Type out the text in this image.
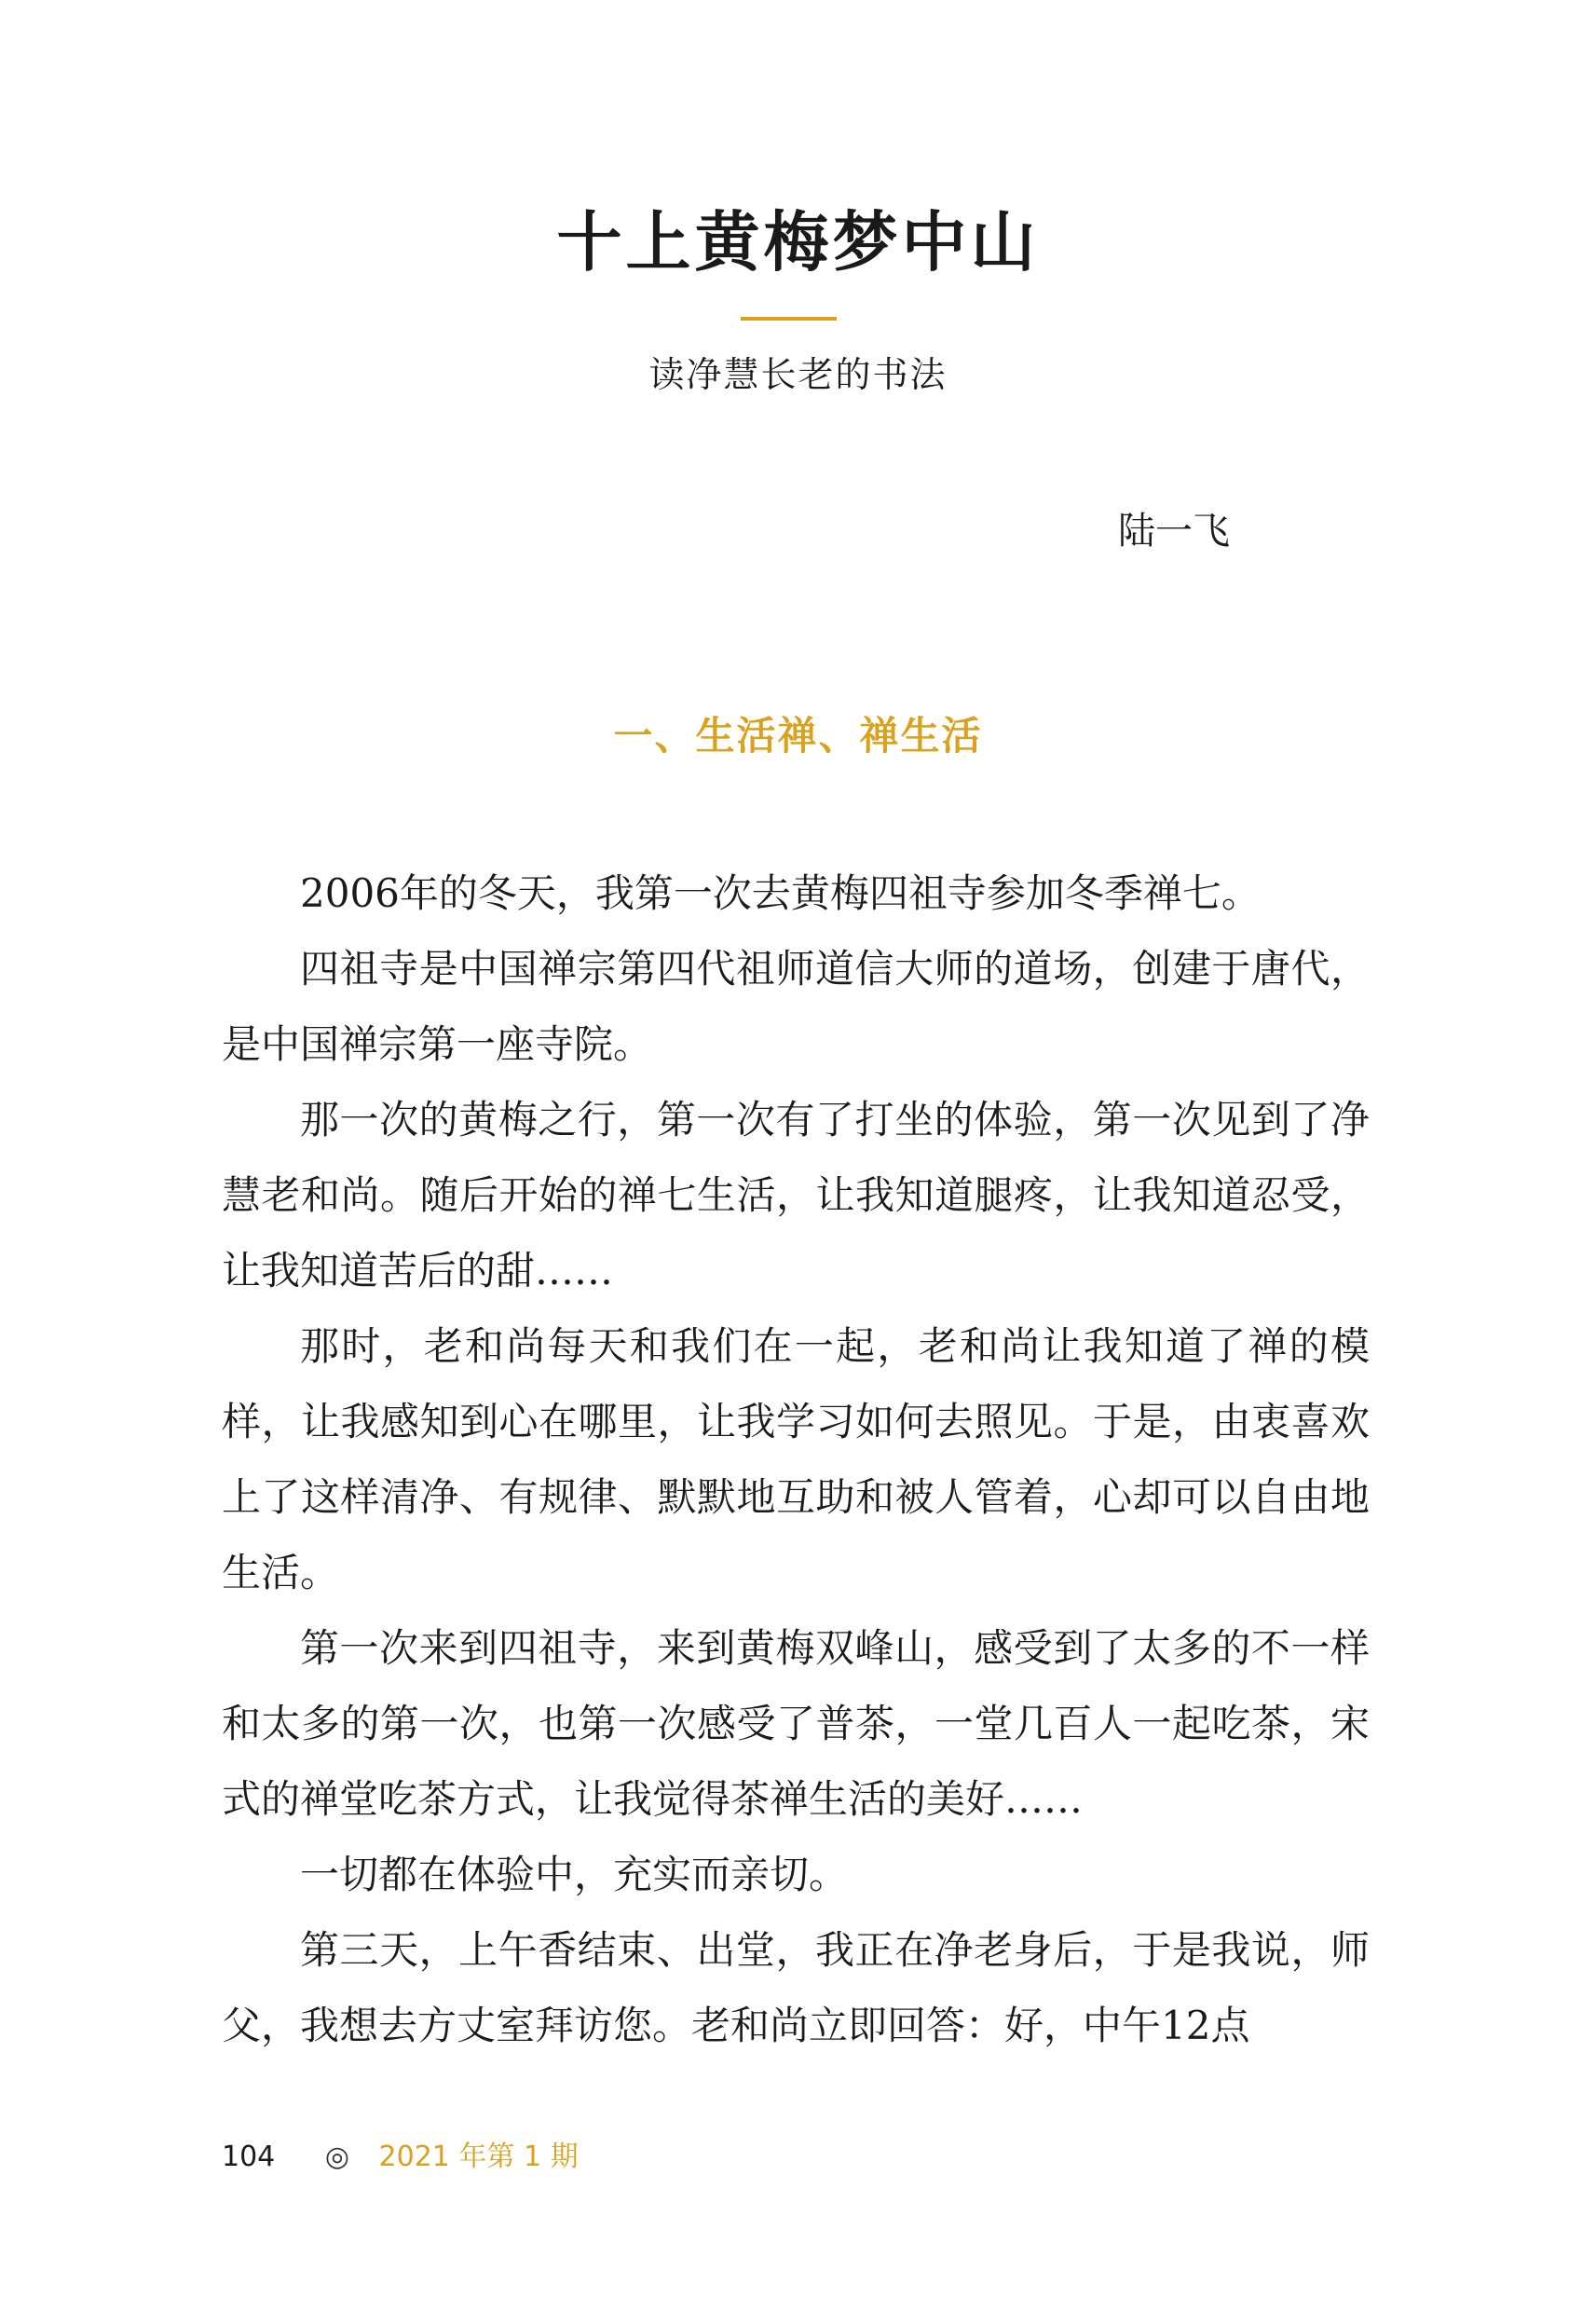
十上黄梅梦中山
读净慧长老的书法
陆一飞
一、生活禅、禅生活

2006年的冬天，我第一次去黄梅四祖寺参加冬季禅七。

四祖寺是中国禅宗第四代祖师道信大师的道场，创建于唐代，是中国禅宗第一座寺院。

那一次的黄梅之行，第一次有了打坐的体验，第一次见到了净慧老和尚。随后开始的禅七生活，让我知道腿疼，让我知道忍受，让我知道苦后的甜……

那时，老和尚每天和我们在一起，老和尚让我知道了禅的模样，让我感知到心在哪里，让我学习如何去照见。于是，由衷喜欢上了这样清净、有规律、默默地互助和被人管着，心却可以自由地生活。

第一次来到四祖寺，来到黄梅双峰山，感受到了太多的不一样和太多的第一次，也第一次感受了普茶，一堂几百人一起吃茶，宋式的禅堂吃茶方式，让我觉得茶禅生活的美好……

一切都在体验中，充实而亲切。

第三天，上午香结束、出堂，我正在净老身后，于是我说，师父，我想去方丈室拜访您。老和尚立即回答：好，中午12点

104 ◎ 2021 年第 1 期
